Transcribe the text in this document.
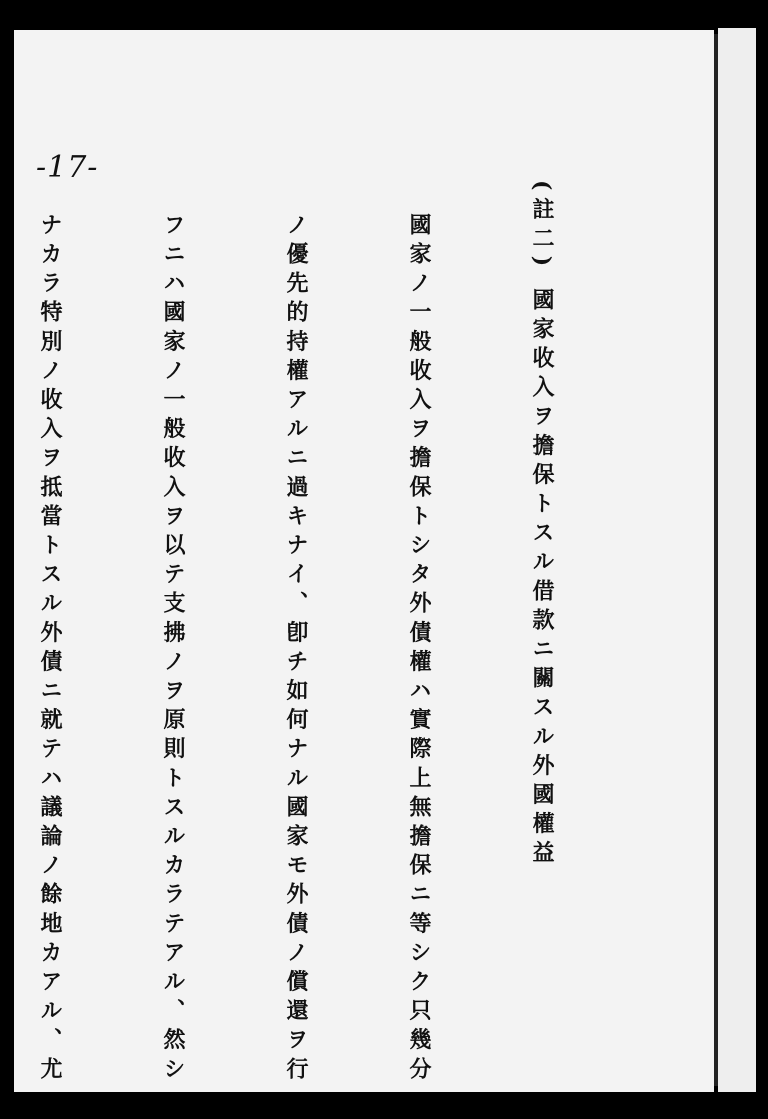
-17-

(註二) 國家收入ヲ擔保トスル借款ニ關スル外國權益

國家ノ一般收入ヲ擔保トシタ外債權ハ實際上無擔保ニ等シク只幾分

ノ優先的持權アルニ過キナイ、卽チ如何ナル國家モ外債ノ償還ヲ行

フニハ國家ノ一般收入ヲ以テ支拂ノヲ原則トスルカラテアル、然シ

ナカラ特別ノ收入ヲ抵當トスル外債ニ就テハ議論ノ餘地カアル、尤
